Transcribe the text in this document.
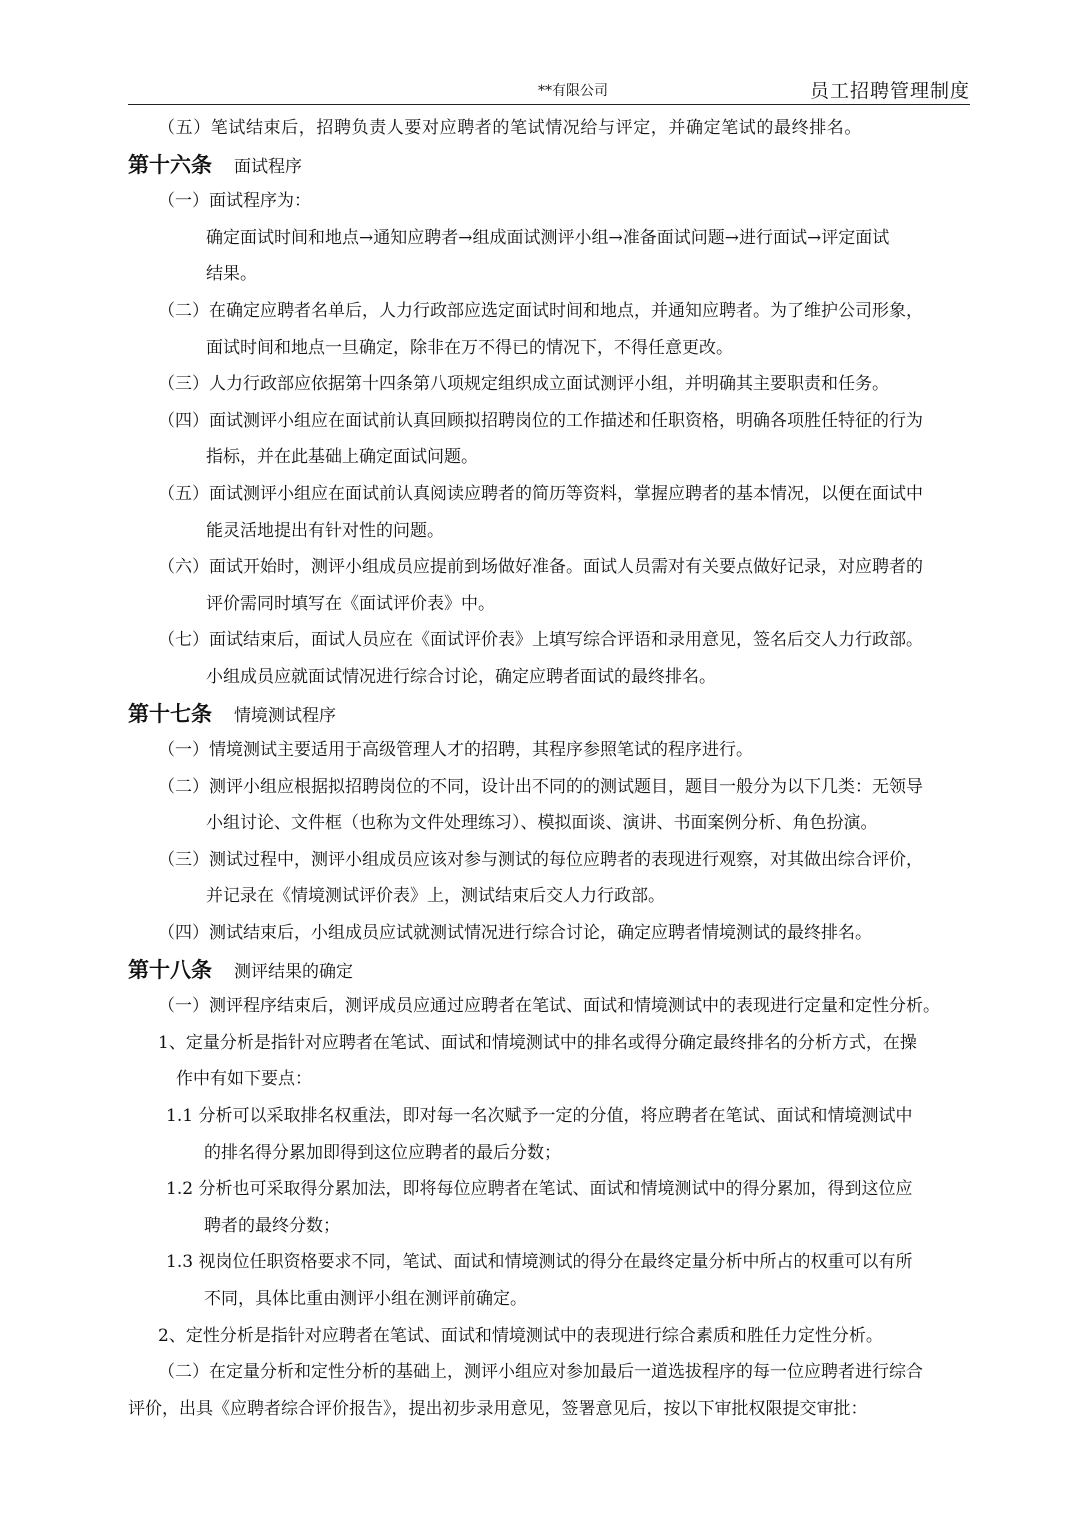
**有限公司	员工招聘管理制度
（五）笔试结束后，招聘负责人要对应聘者的笔试情况给与评定，并确定笔试的最终排名。
第十六条 面试程序
（一）面试程序为：
确定面试时间和地点→通知应聘者→组成面试测评小组→准备面试问题→进行面试→评定面试
结果。
（二）在确定应聘者名单后，人力行政部应选定面试时间和地点，并通知应聘者。为了维护公司形象，
面试时间和地点一旦确定，除非在万不得已的情况下，不得任意更改。
（三）人力行政部应依据第十四条第八项规定组织成立面试测评小组，并明确其主要职责和任务。
（四）面试测评小组应在面试前认真回顾拟招聘岗位的工作描述和任职资格，明确各项胜任特征的行为
指标，并在此基础上确定面试问题。
（五）面试测评小组应在面试前认真阅读应聘者的简历等资料，掌握应聘者的基本情况，以便在面试中
能灵活地提出有针对性的问题。
（六）面试开始时，测评小组成员应提前到场做好准备。面试人员需对有关要点做好记录，对应聘者的
评价需同时填写在《面试评价表》中。
（七）面试结束后，面试人员应在《面试评价表》上填写综合评语和录用意见，签名后交人力行政部。
小组成员应就面试情况进行综合讨论，确定应聘者面试的最终排名。
第十七条 情境测试程序
（一）情境测试主要适用于高级管理人才的招聘，其程序参照笔试的程序进行。
（二）测评小组应根据拟招聘岗位的不同，设计出不同的的测试题目，题目一般分为以下几类：无领导
小组讨论、文件框（也称为文件处理练习）、模拟面谈、演讲、书面案例分析、角色扮演。
（三）测试过程中，测评小组成员应该对参与测试的每位应聘者的表现进行观察，对其做出综合评价，
并记录在《情境测试评价表》上，测试结束后交人力行政部。
（四）测试结束后，小组成员应试就测试情况进行综合讨论，确定应聘者情境测试的最终排名。
第十八条 测评结果的确定
（一）测评程序结束后，测评成员应通过应聘者在笔试、面试和情境测试中的表现进行定量和定性分析。
1、定量分析是指针对应聘者在笔试、面试和情境测试中的排名或得分确定最终排名的分析方式，在操
作中有如下要点：
1.1 分析可以采取排名权重法，即对每一名次赋予一定的分值，将应聘者在笔试、面试和情境测试中
的排名得分累加即得到这位应聘者的最后分数；
1.2 分析也可采取得分累加法，即将每位应聘者在笔试、面试和情境测试中的得分累加，得到这位应
聘者的最终分数；
1.3 视岗位任职资格要求不同，笔试、面试和情境测试的得分在最终定量分析中所占的权重可以有所
不同，具体比重由测评小组在测评前确定。
2、定性分析是指针对应聘者在笔试、面试和情境测试中的表现进行综合素质和胜任力定性分析。
（二）在定量分析和定性分析的基础上，测评小组应对参加最后一道选拔程序的每一位应聘者进行综合
评价，出具《应聘者综合评价报告》，提出初步录用意见，签署意见后，按以下审批权限提交审批：
